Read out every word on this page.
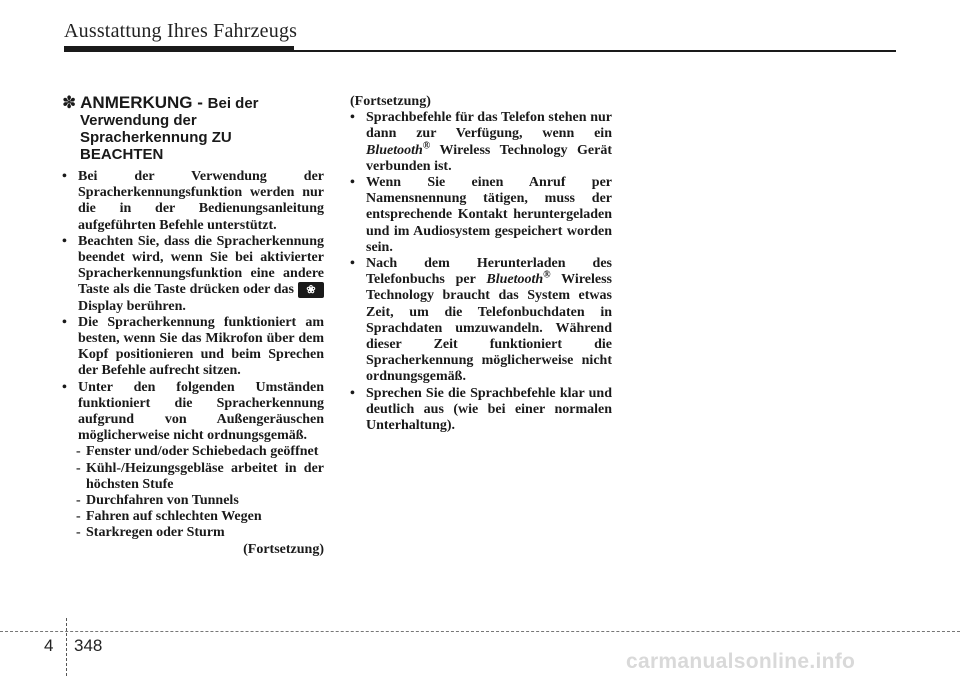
Ausstattung Ihres Fahrzeugs
✽ ANMERKUNG - Bei der
Verwendung der
Spracherkennung ZU
BEACHTEN

• Bei der Verwendung der Spracherkennungsfunktion werden nur die in der Bedienungsanleitung aufgeführten Befehle unterstützt.

• Beachten Sie, dass die Spracherkennung beendet wird, wenn Sie bei aktivierter Spracherkennungsfunktion eine andere Taste als die Taste	❀
drücken oder das Display berühren.

• Die Spracherkennung funktioniert am besten, wenn Sie das Mikrofon über dem Kopf positionieren und beim Sprechen der Befehle aufrecht sitzen.

• Unter den folgenden Umständen funktioniert die Spracherkennung aufgrund von Außengeräuschen möglicherweise nicht ordnungsgemäß.

- Fenster und/oder Schiebedach geöffnet
- Kühl-/Heizungsgebläse arbeitet in der höchsten Stufe
- Durchfahren von Tunnels
- Fahren auf schlechten Wegen
- Starkregen oder Sturm
(Fortsetzung)
(Fortsetzung)

• Sprachbefehle für das Telefon stehen nur dann zur Verfügung, wenn ein Bluetooth® Wireless Technology Gerät verbunden ist.

• Wenn Sie einen Anruf per Namensnennung tätigen, muss der entsprechende Kontakt heruntergeladen und im Audiosystem gespeichert worden sein.

• Nach dem Herunterladen des Telefonbuchs per Bluetooth® Wireless Technology braucht das System etwas Zeit, um die Telefonbuchdaten in Sprachdaten umzuwandeln. Während dieser Zeit funktioniert die Spracherkennung möglicherweise nicht ordnungsgemäß.

• Sprechen Sie die Sprachbefehle klar und deutlich aus (wie bei einer normalen Unterhaltung).

4 348
carmanualsonline.info
